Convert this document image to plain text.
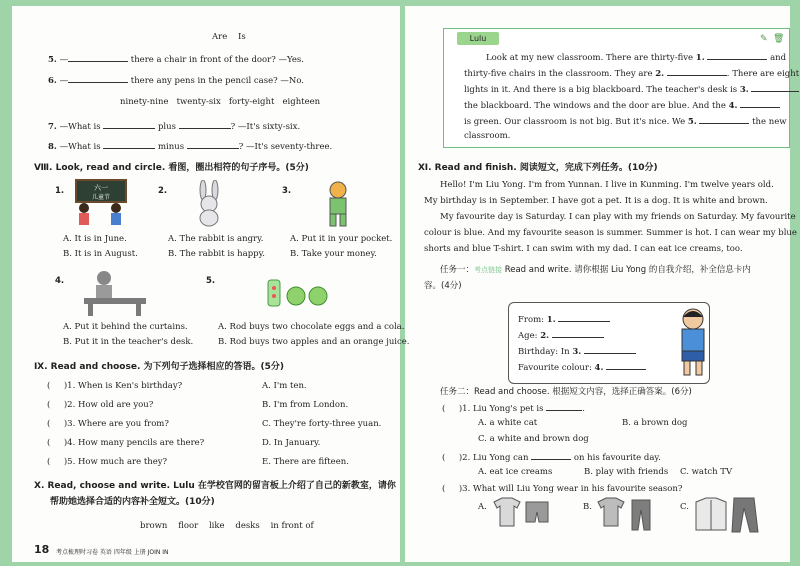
Are Is
5. —	there a chair in front of the door? —Yes.
6. —	there any pens in the pencil case? —No.
ninety-nine twenty-six forty-eight eighteen
7. —What is	plus	? —It's sixty-six.
8. —What is	minus	? —It's seventy-three.
Ⅷ. Look, read and circle. 看图，圈出相符的句子序号。(5分)
1.	六一
儿童节
A. It is in June.
B. It is in August.
2.
A. The rabbit is angry.
B. The rabbit is happy.
3.
A. Put it in your pocket.
B. Take your money.
4.
A. Put it behind the curtains.
B. Put it in the teacher's desk.
5.
A. Rod buys two chocolate eggs and a cola.
B. Rod buys two apples and an orange juice.
Ⅸ. Read and choose. 为下列句子选择相应的答语。(5分)
( )1. When is Ken's birthday?	A. I'm ten.
( )2. How old are you?	B. I'm from London.
( )3. Where are you from?	C. They're forty-three yuan.
( )4. How many pencils are there?	D. In January.
( )5. How much are they?	E. There are fifteen.
Ⅹ. Read, choose and write. Lulu 在学校官网的留言板上介绍了自己的新教室，请你
帮助她选择合适的内容补全短文。(10分)
brown floor like desks in front of
18 考点梳理时习卷 英语 四年级 上册 JOIN IN
Lulu	✎ 🗑
Look at my new classroom. There are thirty-five 1.	and
thirty-five chairs in the classroom. They are 2.	. There are eight
lights in it. And there is a big blackboard. The teacher's desk is 3.
the blackboard. The windows and the door are blue. And the 4.
is green. Our classroom is not big. But it's nice. We 5.	the new
classroom.
Ⅺ. Read and finish. 阅读短文，完成下列任务。(10分)
Hello! I'm Liu Yong. I'm from Yunnan. I live in Kunming. I'm twelve years old.
My birthday is in September. I have got a pet. It is a dog. It is white and brown.
My favourite day is Saturday. I can play with my friends on Saturday. My favourite
colour is blue. And my favourite season is summer. Summer is hot. I can wear my blue
shorts and blue T-shirt. I can swim with my dad. I can eat ice creams, too.
任务一：考点链接 Read and write. 请你根据 Liu Yong 的自我介绍，补全信息卡内
容。(4分)
From: 1.
Age: 2.
Birthday: In 3.
Favourite colour: 4.
任务二：Read and choose. 根据短文内容，选择正确答案。(6分)
(     )1. Liu Yong's pet is	.
A. a white cat	B. a brown dog
C. a white and brown dog
(     )2. Liu Yong can	on his favourite day.
A. eat ice creams	B. play with friends C. watch TV
(     )3. What will Liu Yong wear in his favourite season?
A.	B.	C.
